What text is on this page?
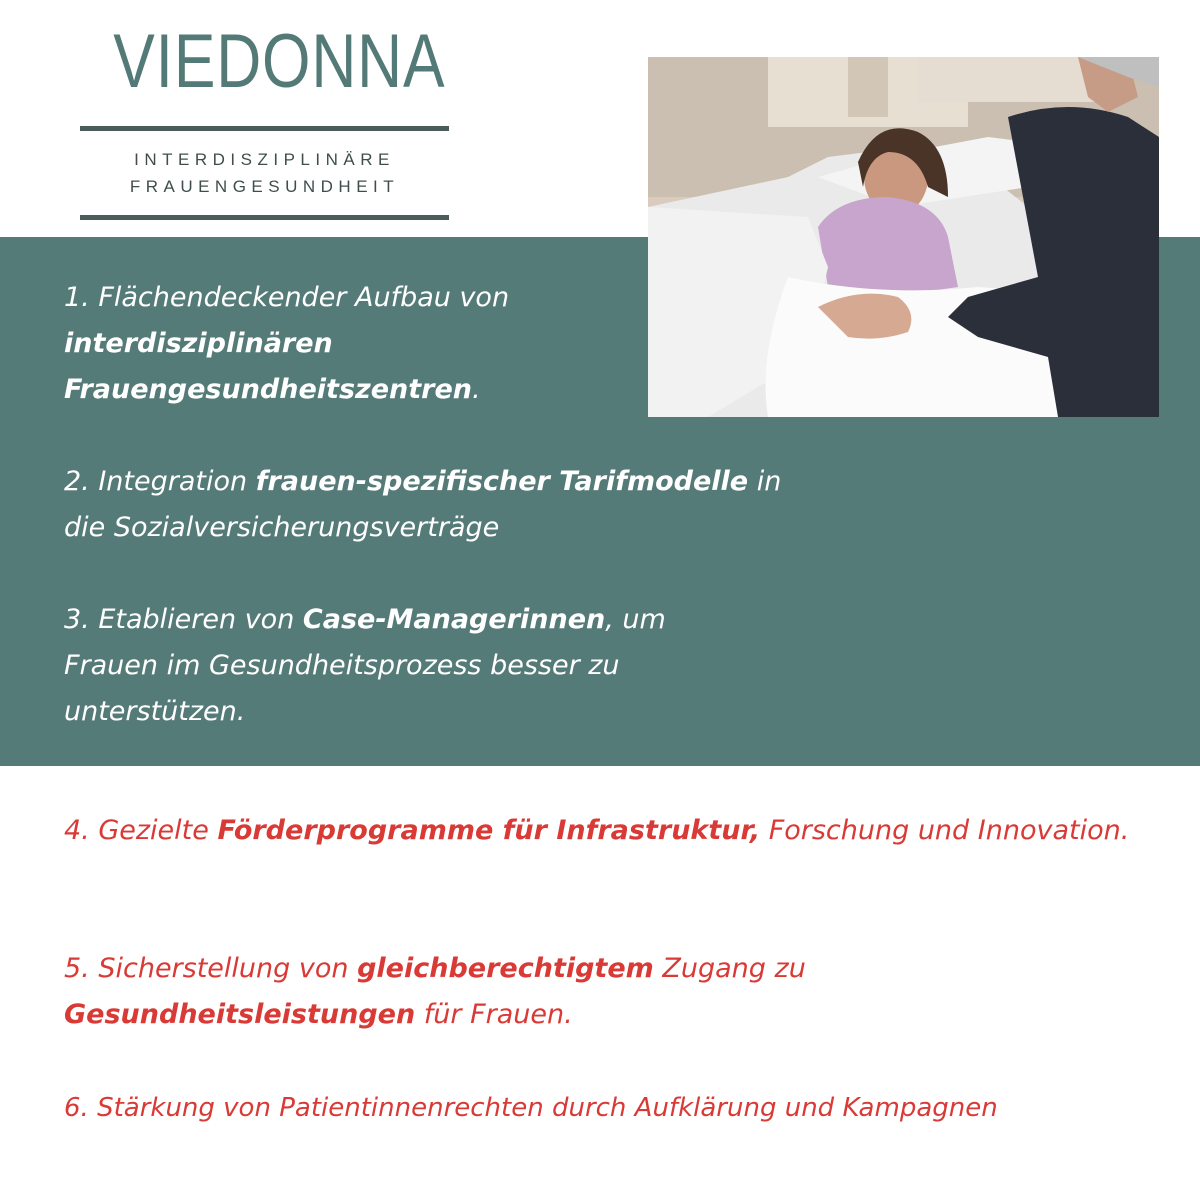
VIEDONNA
INTERDISZIPLINÄRE
FRAUENGESUNDHEIT

1. Flächendeckender Aufbau von
interdisziplinären Frauengesundheitszentren.

2. Integration frauen-spezifischer Tarifmodelle in die Sozialversicherungsverträge

3. Etablieren von Case-Managerinnen, um Frauen im Gesundheitsprozess besser zu unterstützen.

4. Gezielte Förderprogramme für Infrastruktur, Forschung und Innovation.

5. Sicherstellung von gleichberechtigtem Zugang zu
Gesundheitsleistungen für Frauen.

6. Stärkung von Patientinnenrechten durch Aufklärung und Kampagnen
